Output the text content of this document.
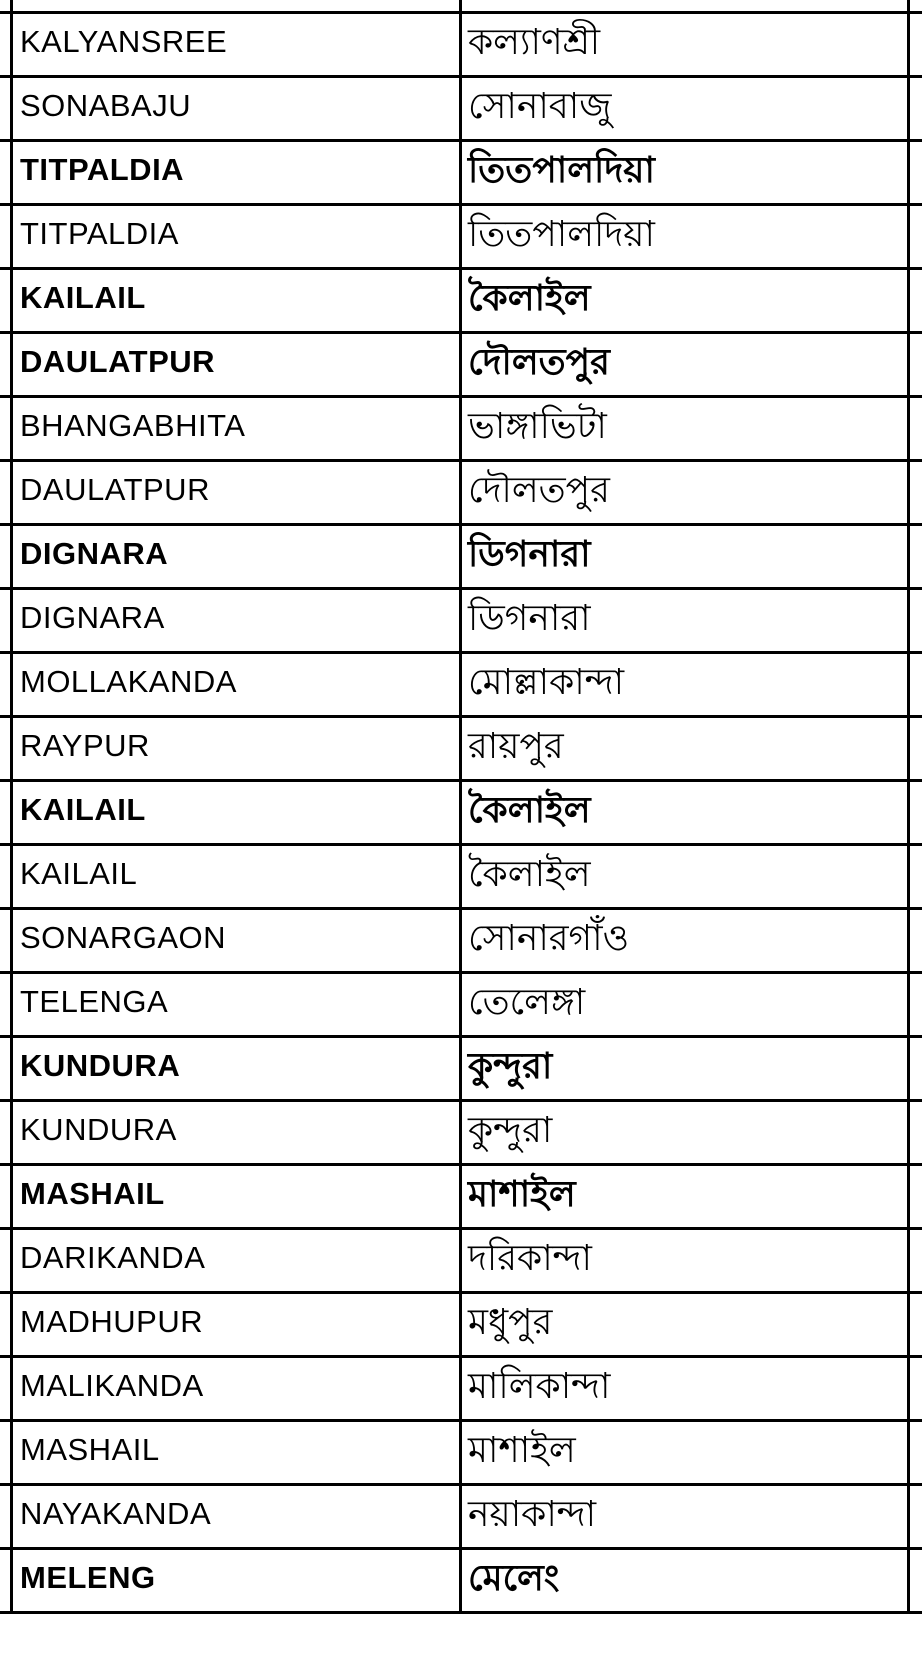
KALYANSREE	কল্যাণশ্রী
SONABAJU	সোনাবাজু
TITPALDIA	তিতপালদিয়া
TITPALDIA	তিতপালদিয়া
KAILAIL	কৈলাইল
DAULATPUR	দৌলতপুর
BHANGABHITA	ভাঙ্গাভিটা
DAULATPUR	দৌলতপুর
DIGNARA	ডিগনারা
DIGNARA	ডিগনারা
MOLLAKANDA	মোল্লাকান্দা
RAYPUR	রায়পুর
KAILAIL	কৈলাইল
KAILAIL	কৈলাইল
SONARGAON	সোনারগাঁও
TELENGA	তেলেঙ্গা
KUNDURA	কুন্দুরা
KUNDURA	কুন্দুরা
MASHAIL	মাশাইল
DARIKANDA	দরিকান্দা
MADHUPUR	মধুপুর
MALIKANDA	মালিকান্দা
MASHAIL	মাশাইল
NAYAKANDA	নয়াকান্দা
MELENG	মেলেং
